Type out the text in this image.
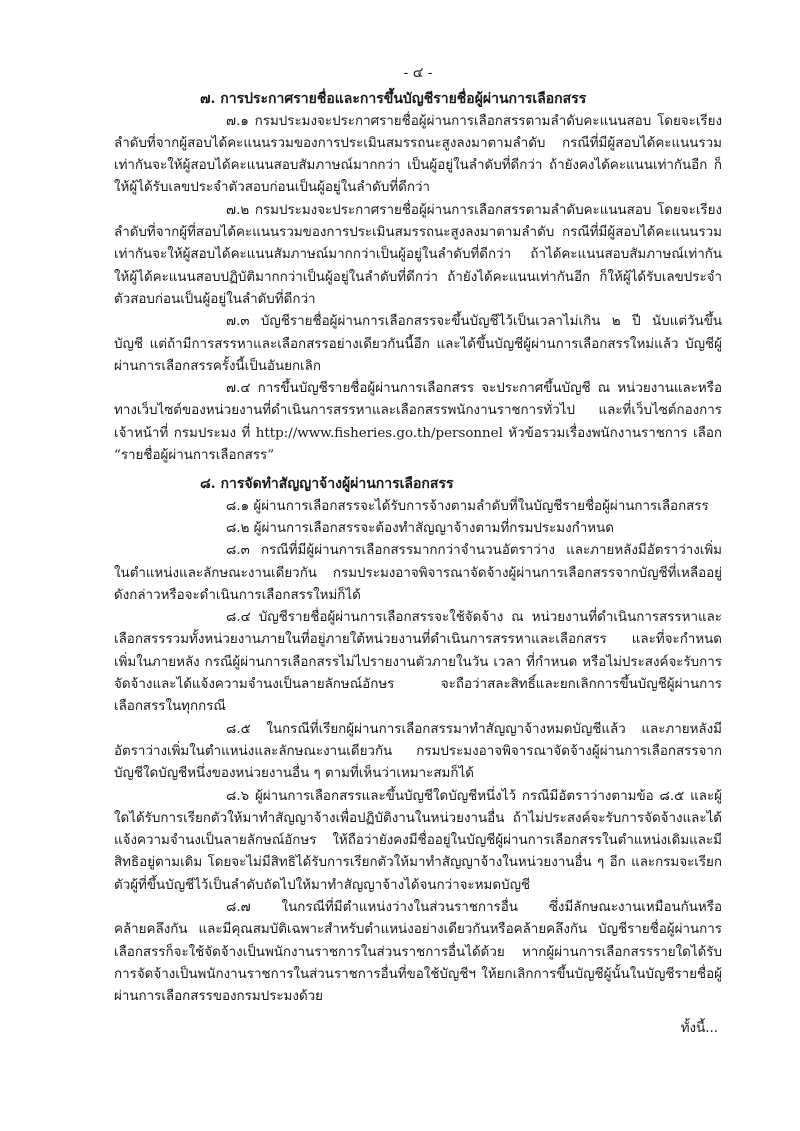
- ๔ -
๗. การประกาศรายชื่อและการขึ้นบัญชีรายชื่อผู้ผ่านการเลือกสรร

๗.๑ กรมประมงจะประกาศรายชื่อผู้ผ่านการเลือกสรรตามลำดับคะแนนสอบ โดยจะเรียงลำดับที่จากผู้สอบได้คะแนนรวมของการประเมินสมรรถนะสูงลงมาตามลำดับ กรณีที่มีผู้สอบได้คะแนนรวมเท่ากันจะให้ผู้สอบได้คะแนนสอบสัมภาษณ์มากกว่า เป็นผู้อยู่ในลำดับที่ดีกว่า ถ้ายังคงได้คะแนนเท่ากันอีก ก็ให้ผู้ได้รับเลขประจำตัวสอบก่อนเป็นผู้อยู่ในลำดับที่ดีกว่า

๗.๒ กรมประมงจะประกาศรายชื่อผู้ผ่านการเลือกสรรตามลำดับคะแนนสอบ โดยจะเรียงลำดับที่จากผู้ที่สอบได้คะแนนรวมของการประเมินสมรรถนะสูงลงมาตามลำดับ กรณีที่มีผู้สอบได้คะแนนรวมเท่ากันจะให้ผู้สอบได้คะแนนสัมภาษณ์มากกว่าเป็นผู้อยู่ในลำดับที่ดีกว่า ถ้าได้คะแนนสอบสัมภาษณ์เท่ากันให้ผู้ได้คะแนนสอบปฏิบัติมากกว่าเป็นผู้อยู่ในลำดับที่ดีกว่า ถ้ายังได้คะแนนเท่ากันอีก ก็ให้ผู้ได้รับเลขประจำตัวสอบก่อนเป็นผู้อยู่ในลำดับที่ดีกว่า

๗.๓ บัญชีรายชื่อผู้ผ่านการเลือกสรรจะขึ้นบัญชีไว้เป็นเวลาไม่เกิน ๒ ปี นับแต่วันขึ้นบัญชี แต่ถ้ามีการสรรหาและเลือกสรรอย่างเดียวกันนี้อีก และได้ขึ้นบัญชีผู้ผ่านการเลือกสรรใหม่แล้ว บัญชีผู้ผ่านการเลือกสรรครั้งนี้เป็นอันยกเลิก

๗.๔ การขึ้นบัญชีรายชื่อผู้ผ่านการเลือกสรร จะประกาศขึ้นบัญชี ณ หน่วยงานและหรือทางเว็บไซต์ของหน่วยงานที่ดำเนินการสรรหาและเลือกสรรพนักงานราชการทั่วไป และที่เว็บไซต์กองการเจ้าหน้าที่ กรมประมง ที่ http://www.fisheries.go.th/personnel หัวข้อรวมเรื่องพนักงานราชการ เลือก “รายชื่อผู้ผ่านการเลือกสรร”

๘. การจัดทำสัญญาจ้างผู้ผ่านการเลือกสรร

๘.๑ ผู้ผ่านการเลือกสรรจะได้รับการจ้างตามลำดับที่ในบัญชีรายชื่อผู้ผ่านการเลือกสรร

๘.๒ ผู้ผ่านการเลือกสรรจะต้องทำสัญญาจ้างตามที่กรมประมงกำหนด

๘.๓ กรณีที่มีผู้ผ่านการเลือกสรรมากกว่าจำนวนอัตราว่าง และภายหลังมีอัตราว่างเพิ่มในตำแหน่งและลักษณะงานเดียวกัน กรมประมงอาจพิจารณาจัดจ้างผู้ผ่านการเลือกสรรจากบัญชีที่เหลืออยู่ดังกล่าวหรือจะดำเนินการเลือกสรรใหม่ก็ได้

๘.๔ บัญชีรายชื่อผู้ผ่านการเลือกสรรจะใช้จัดจ้าง ณ หน่วยงานที่ดำเนินการสรรหาและเลือกสรรรวมทั้งหน่วยงานภายในที่อยู่ภายใต้หน่วยงานที่ดำเนินการสรรหาและเลือกสรร และที่จะกำหนดเพิ่มในภายหลัง กรณีผู้ผ่านการเลือกสรรไม่ไปรายงานตัวภายในวัน เวลา ที่กำหนด หรือไม่ประสงค์จะรับการจัดจ้างและได้แจ้งความจำนงเป็นลายลักษณ์อักษร จะถือว่าสละสิทธิ์และยกเลิกการขึ้นบัญชีผู้ผ่านการเลือกสรรในทุกกรณี

๘.๕ ในกรณีที่เรียกผู้ผ่านการเลือกสรรมาทำสัญญาจ้างหมดบัญชีแล้ว และภายหลังมีอัตราว่างเพิ่มในตำแหน่งและลักษณะงานเดียวกัน กรมประมงอาจพิจารณาจัดจ้างผู้ผ่านการเลือกสรรจากบัญชีใดบัญชีหนึ่งของหน่วยงานอื่น ๆ ตามที่เห็นว่าเหมาะสมก็ได้

๘.๖ ผู้ผ่านการเลือกสรรและขึ้นบัญชีใดบัญชีหนึ่งไว้ กรณีมีอัตราว่างตามข้อ ๘.๕ และผู้ใดได้รับการเรียกตัวให้มาทำสัญญาจ้างเพื่อปฏิบัติงานในหน่วยงานอื่น ถ้าไม่ประสงค์จะรับการจัดจ้างและได้แจ้งความจำนงเป็นลายลักษณ์อักษร ให้ถือว่ายังคงมีชื่ออยู่ในบัญชีผู้ผ่านการเลือกสรรในตำแหน่งเดิมและมีสิทธิอยู่ตามเดิม โดยจะไม่มีสิทธิได้รับการเรียกตัวให้มาทำสัญญาจ้างในหน่วยงานอื่น ๆ อีก และกรมจะเรียกตัวผู้ที่ขึ้นบัญชีไว้เป็นลำดับถัดไปให้มาทำสัญญาจ้างได้จนกว่าจะหมดบัญชี

๘.๗ ในกรณีที่มีตำแหน่งว่างในส่วนราชการอื่น ซึ่งมีลักษณะงานเหมือนกันหรือคล้ายคลึงกัน และมีคุณสมบัติเฉพาะสำหรับตำแหน่งอย่างเดียวกันหรือคล้ายคลึงกัน บัญชีรายชื่อผู้ผ่านการเลือกสรรก็จะใช้จัดจ้างเป็นพนักงานราชการในส่วนราชการอื่นได้ด้วย หากผู้ผ่านการเลือกสรรรายใดได้รับการจัดจ้างเป็นพนักงานราชการในส่วนราชการอื่นที่ขอใช้บัญชีฯ ให้ยกเลิกการขึ้นบัญชีผู้นั้นในบัญชีรายชื่อผู้ผ่านการเลือกสรรของกรมประมงด้วย

ทั้งนี้...
